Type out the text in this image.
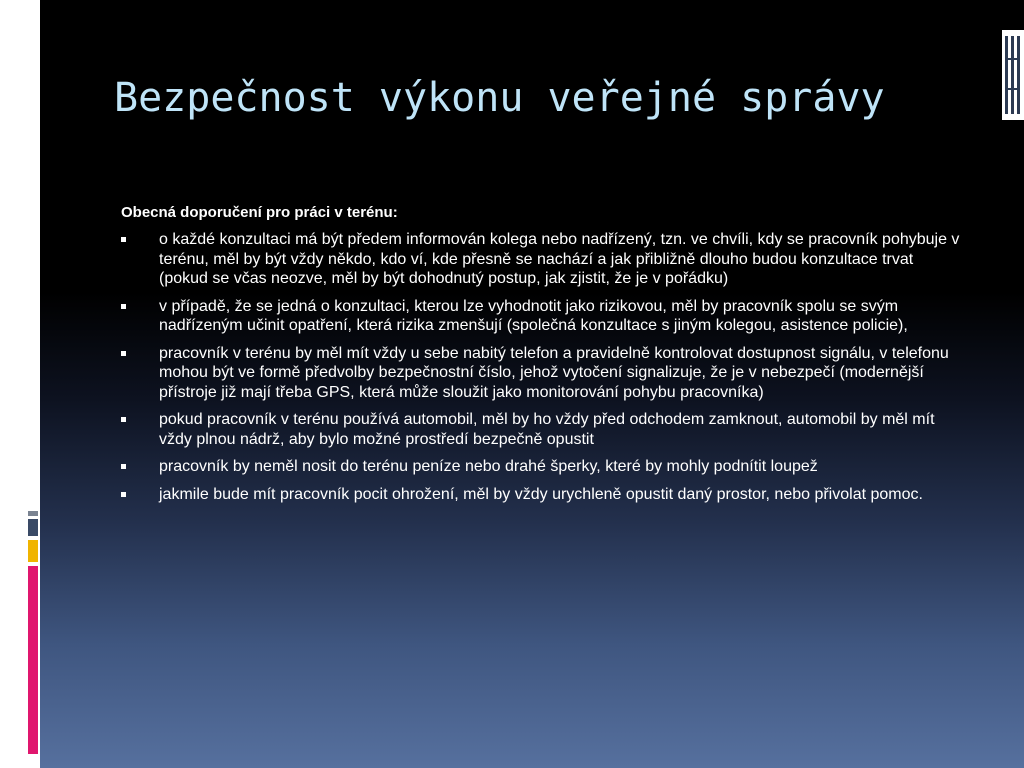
Bezpečnost výkonu veřejné správy

Obecná doporučení pro práci v terénu:

o každé konzultaci má být předem informován kolega nebo nadřízený, tzn. ve chvíli, kdy se pracovník pohybuje v terénu, měl by být vždy někdo, kdo ví, kde přesně se nachází a jak přibližně dlouho budou konzultace trvat (pokud se včas neozve, měl by být dohodnutý postup, jak zjistit, že je v pořádku)
v případě, že se jedná o konzultaci, kterou lze vyhodnotit jako rizikovou, měl by pracovník spolu se svým nadřízeným učinit opatření, která rizika zmenšují (společná konzultace s jiným kolegou, asistence policie),
pracovník v terénu by měl mít vždy u sebe nabitý telefon a pravidelně kontrolovat dostupnost signálu, v telefonu mohou být ve formě předvolby bezpečnostní číslo, jehož vytočení signalizuje, že je v nebezpečí (modernější přístroje již mají třeba GPS, která může sloužit jako monitorování pohybu pracovníka)
pokud pracovník v terénu používá automobil, měl by ho vždy před odchodem zamknout, automobil by měl mít vždy plnou nádrž, aby bylo možné prostředí bezpečně opustit
pracovník by neměl nosit do terénu peníze nebo drahé šperky, které by mohly podnítit loupež
jakmile bude mít pracovník pocit ohrožení, měl by vždy urychleně opustit daný prostor, nebo přivolat pomoc.
